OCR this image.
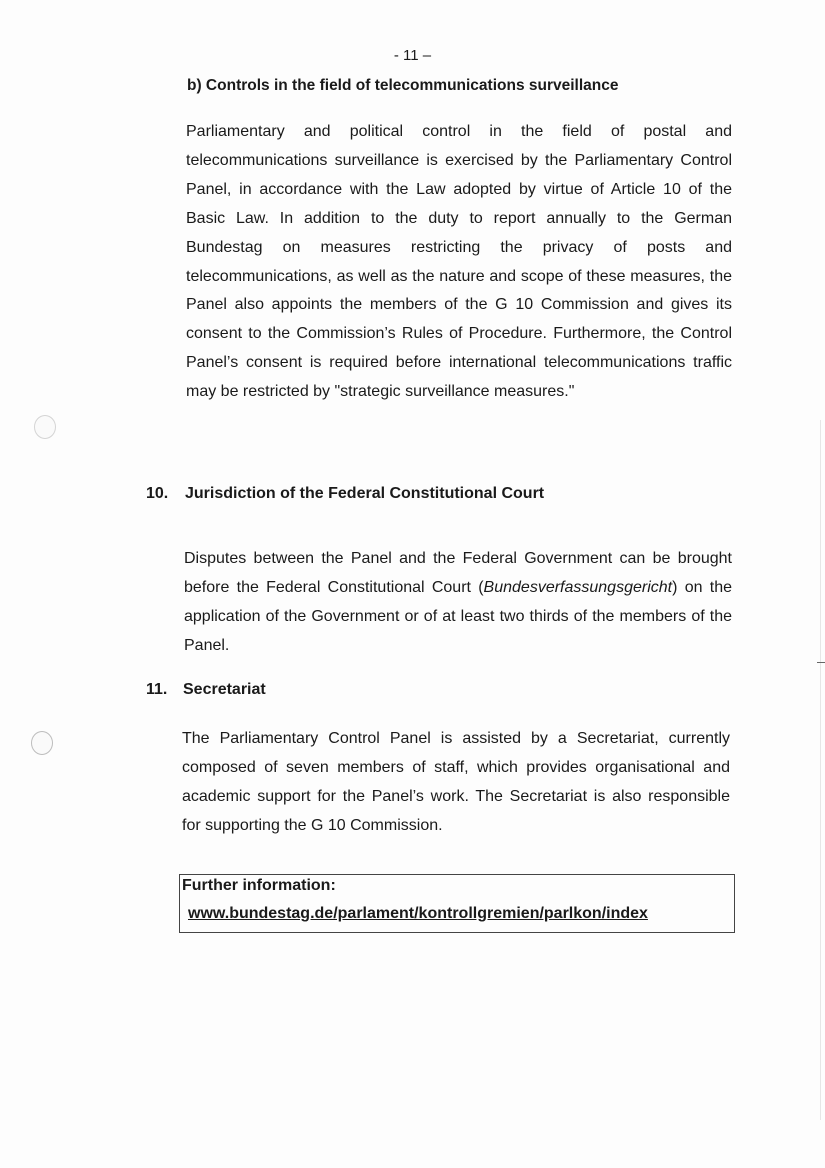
- 11 –
b) Controls in the field of telecommunications surveillance

Parliamentary and political control in the field of postal and telecommunications surveillance is exercised by the Parliamentary Control Panel, in accordance with the Law adopted by virtue of Article 10 of the Basic Law. In addition to the duty to report annually to the German Bundestag on measures restricting the privacy of posts and telecommunications, as well as the nature and scope of these measures, the Panel also appoints the members of the G 10 Commission and gives its consent to the Commission’s Rules of Procedure. Furthermore, the Control Panel’s consent is required before international telecommunications traffic may be restricted by "strategic surveillance measures."

10. Jurisdiction of the Federal Constitutional Court

Disputes between the Panel and the Federal Government can be brought before the Federal Constitutional Court (Bundesverfassungsgericht) on the application of the Government or of at least two thirds of the members of the Panel.

11. Secretariat

The Parliamentary Control Panel is assisted by a Secretariat, currently composed of seven members of staff, which provides organisational and academic support for the Panel’s work. The Secretariat is also responsible for supporting the G 10 Commission.

Further information:
www.bundestag.de/parlament/kontrollgremien/parlkon/index
